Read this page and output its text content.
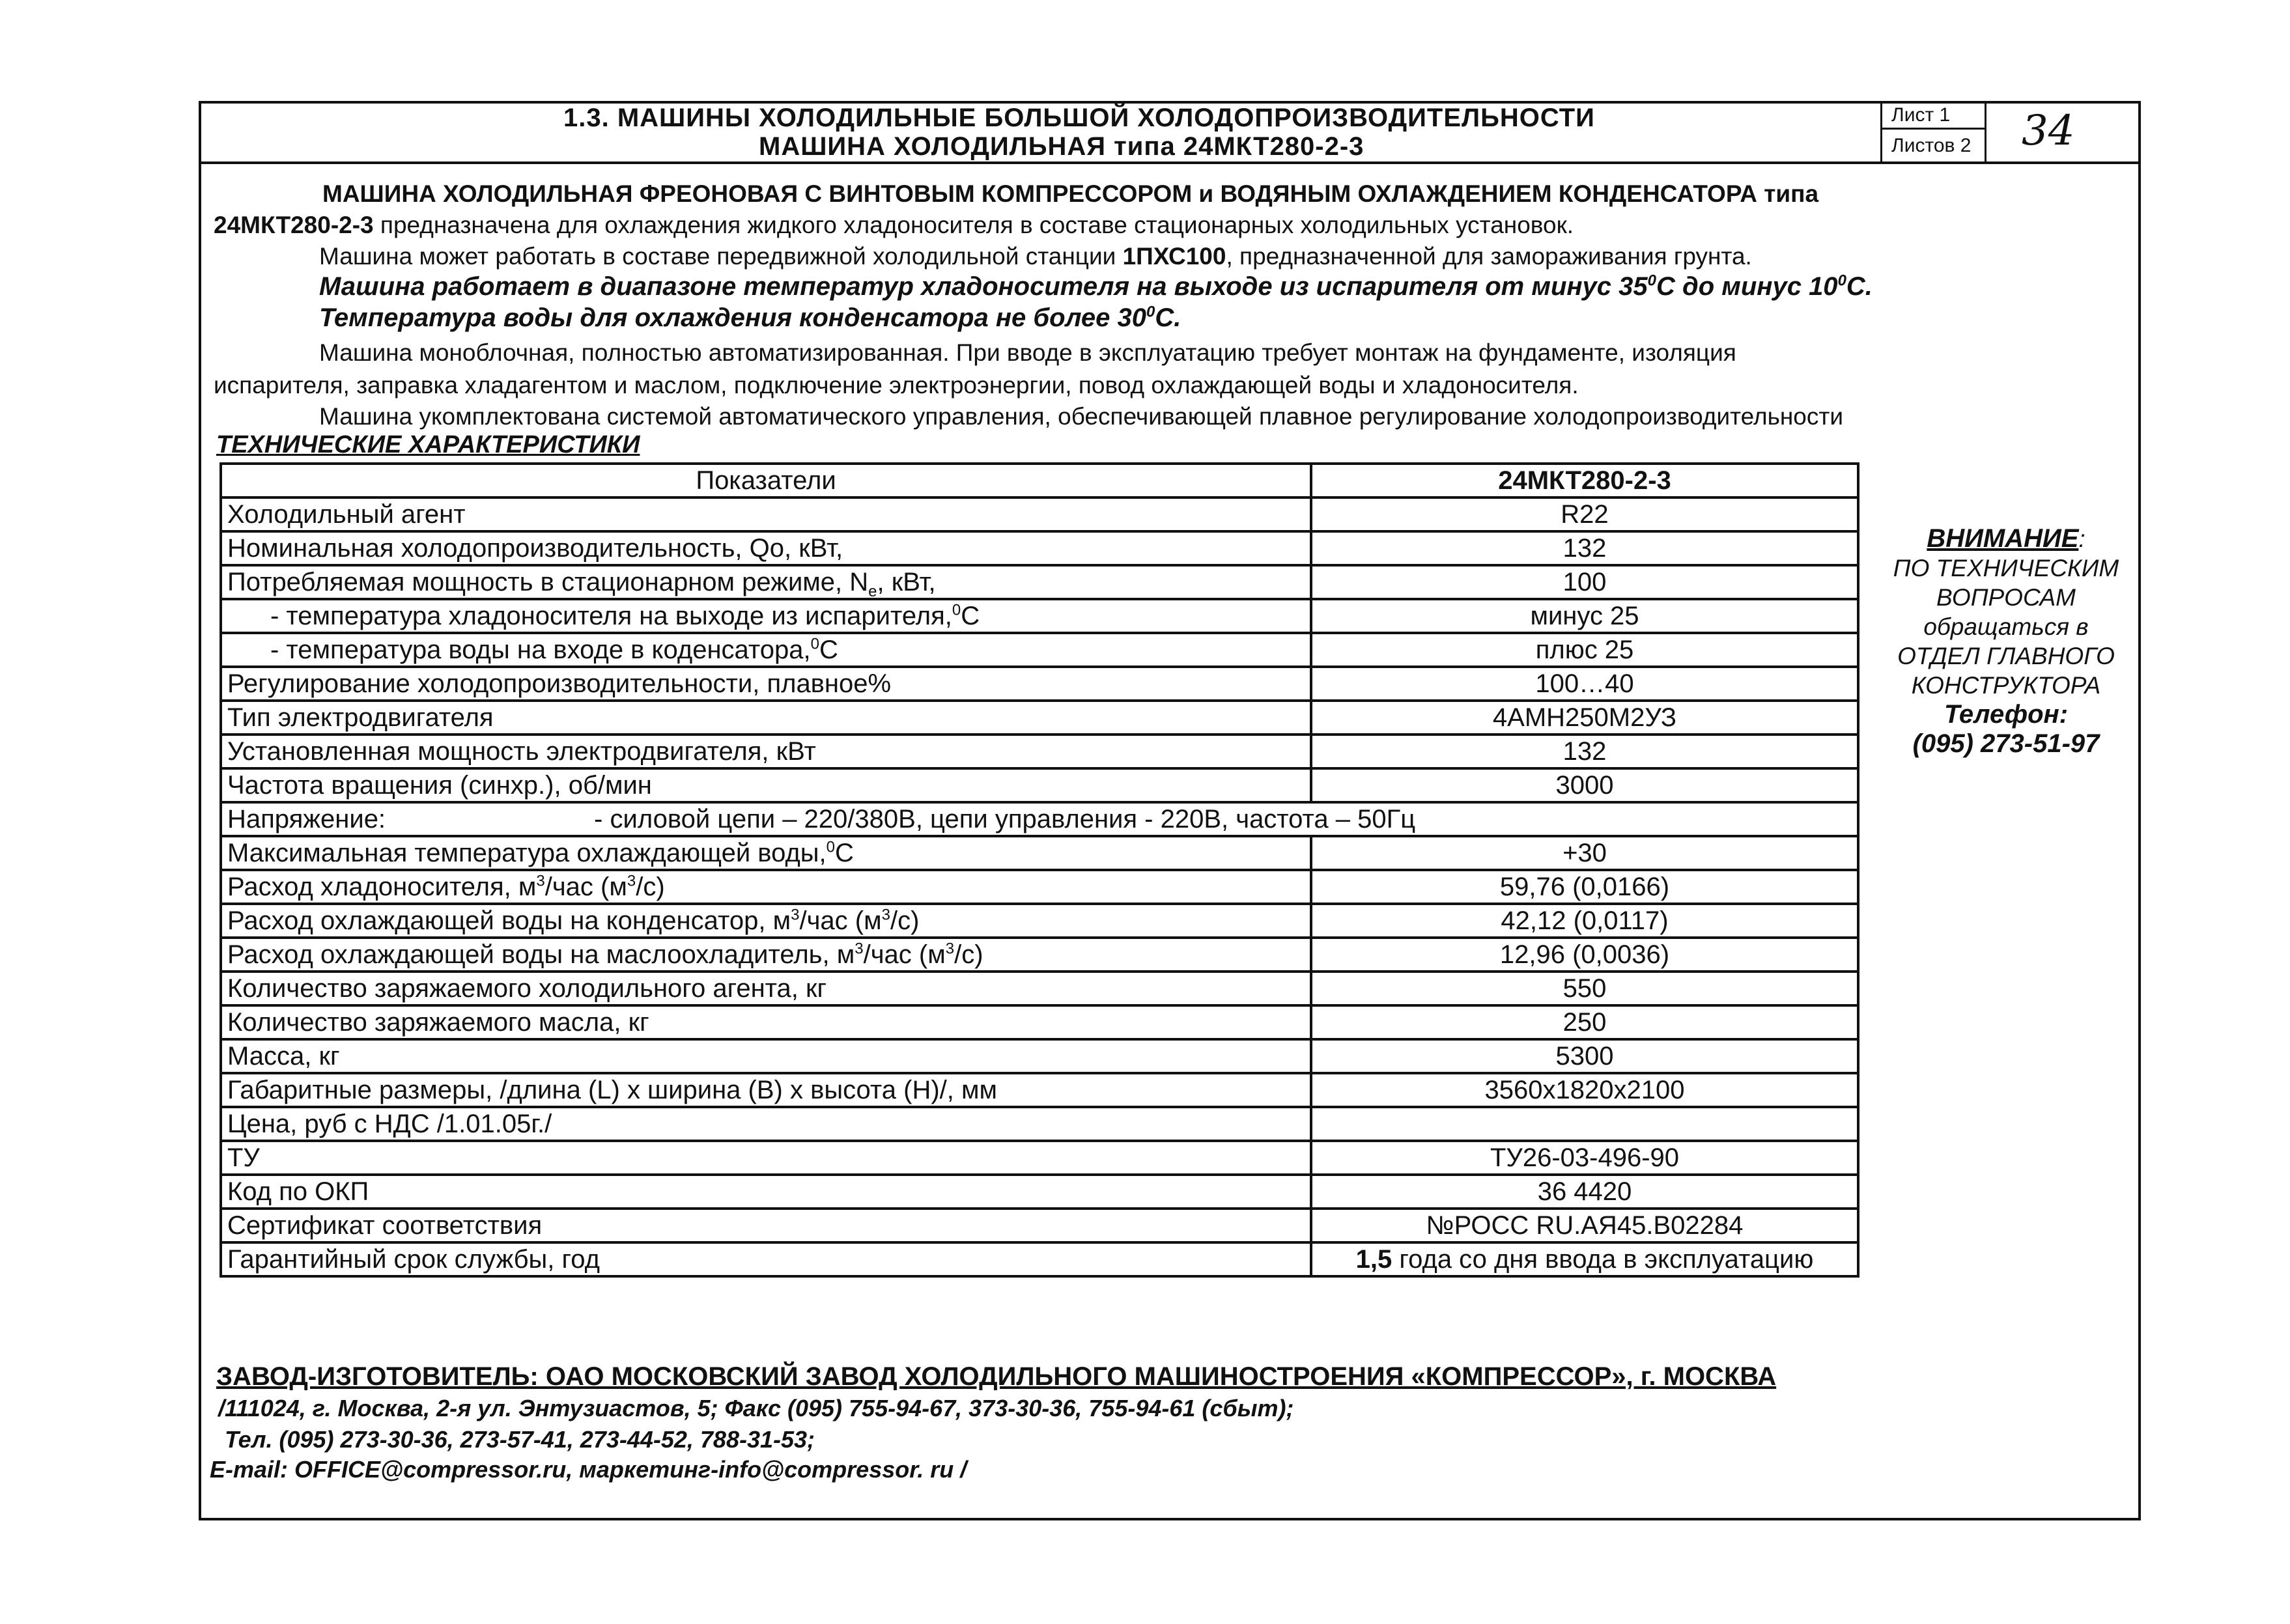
1.3. МАШИНЫ ХОЛОДИЛЬНЫЕ БОЛЬШОЙ ХОЛОДОПРОИЗВОДИТЕЛЬНОСТИ
МАШИНА ХОЛОДИЛЬНАЯ типа 24МКТ280-2-3
Лист 1
Листов 2	34
МАШИНА ХОЛОДИЛЬНАЯ ФРЕОНОВАЯ С ВИНТОВЫМ КОМПРЕССОРОМ и ВОДЯНЫМ ОХЛАЖДЕНИЕМ КОНДЕНСАТОРА типа
24МКТ280-2-3 предназначена для охлаждения жидкого хладоносителя в составе стационарных холодильных установок.
Машина может работать в составе передвижной холодильной станции 1ПХС100, предназначенной для замораживания грунта.
Машина работает в диапазоне температур хладоносителя на выходе из испарителя от минус $35^0С$ до минус $10^0С$.
Температура воды для охлаждения конденсатора не более $30^0С$.
Машина моноблочная, полностью автоматизированная. При вводе в эксплуатацию требует монтаж на фундаменте, изоляция
испарителя, заправка хладагентом и маслом, подключение электроэнергии, повод охлаждающей воды и хладоносителя.
Машина укомплектована системой автоматического управления, обеспечивающей плавное регулирование холодопроизводительности
ТЕХНИЧЕСКИЕ ХАРАКТЕРИСТИКИ
Показатели	24МКТ280-2-3
Холодильный агент	R22
Номинальная холодопроизводительность, Qo, кВт,	132
Потребляемая мощность в стационарном режиме, $N_e$, кВт,	100
- температура хладоносителя на выходе из испарителя,$^0$С	минус 25
- температура воды на входе в коденсатора,$^0$С	плюс 25
Регулирование холодопроизводительности, плавное%	100…40
Тип электродвигателя	4АМН250М2УЗ
Установленная мощность электродвигателя, кВт	132
Частота вращения (синхр.), об/мин	3000
Напряжение: - силовой цепи – 220/380В, цепи управления - 220В, частота – 50Гц	
Максимальная температура охлаждающей воды,$^0$С	+30
Расход хладоносителя, $м^3$/час $(м^3/с)$	59,76 (0,0166)
Расход охлаждающей воды на конденсатор, $м^3$/час $(м^3/с)$	42,12 (0,0117)
Расход охлаждающей воды на маслоохладитель, $м^3$/час $(м^3/с)$	12,96 (0,0036)
Количество заряжаемого холодильного агента, кг	550
Количество заряжаемого масла, кг	250
Масса, кг	5300
Габаритные размеры, /длина (L) х ширина (В) х высота (Н)/, мм	3560х1820х2100
Цена, руб с НДС /1.01.05г./	
ТУ	ТУ26-03-496-90
Код по ОКП	36 4420
Сертификат соответствия	№РОСС RU.АЯ45.В02284
Гарантийный срок службы, год	1,5 года со дня ввода в эксплуатацию
ВНИМАНИЕ:
ПО ТЕХНИЧЕСКИМ
ВОПРОСАМ
обращаться в
ОТДЕЛ ГЛАВНОГО
КОНСТРУКТОРА
Телефон:
(095) 273-51-97
ЗАВОД-ИЗГОТОВИТЕЛЬ: ОАО МОСКОВСКИЙ ЗАВОД ХОЛОДИЛЬНОГО МАШИНОСТРОЕНИЯ «КОМПРЕССОР», г. МОСКВА
/111024, г. Москва, 2-я ул. Энтузиастов, 5; Факс (095) 755-94-67, 373-30-36, 755-94-61 (сбыт);
Тел. (095) 273-30-36, 273-57-41, 273-44-52, 788-31-53;
E-mail: OFFICE@compressor.ru, маркетинг-info@compressor. ru /
